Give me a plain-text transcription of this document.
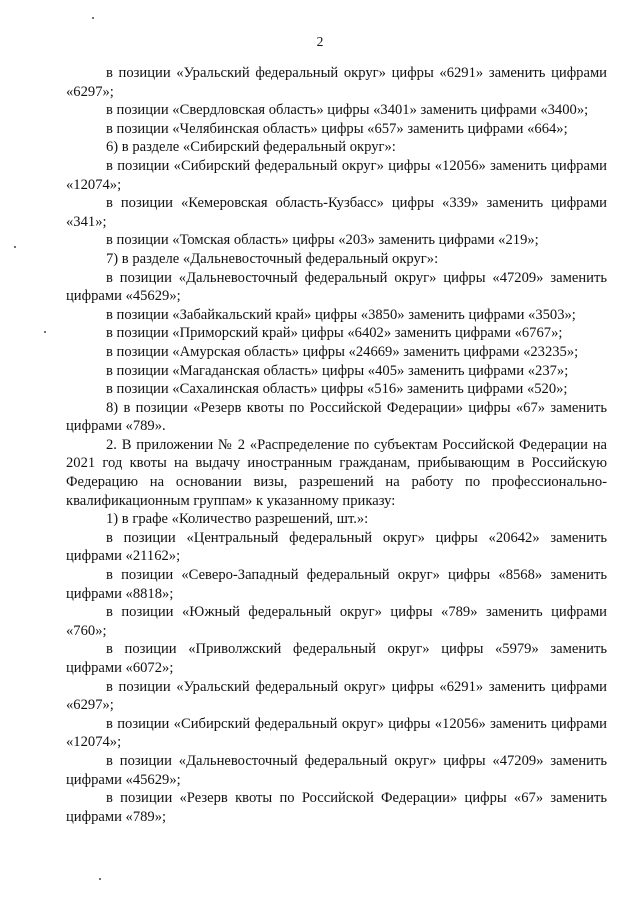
2

в позиции «Уральский федеральный округ» цифры «6291» заменить цифрами «6297»;

в позиции «Свердловская область» цифры «3401» заменить цифрами «3400»;

в позиции «Челябинская область» цифры «657» заменить цифрами «664»;

6) в разделе «Сибирский федеральный округ»:

в позиции «Сибирский федеральный округ» цифры «12056» заменить цифрами «12074»;

в позиции «Кемеровская область-Кузбасс» цифры «339» заменить цифрами «341»;

в позиции «Томская область» цифры «203» заменить цифрами «219»;

7) в разделе «Дальневосточный федеральный округ»:

в позиции «Дальневосточный федеральный округ» цифры «47209» заменить цифрами «45629»;

в позиции «Забайкальский край» цифры «3850» заменить цифрами «3503»;

в позиции «Приморский край» цифры «6402» заменить цифрами «6767»;

в позиции «Амурская область» цифры «24669» заменить цифрами «23235»;

в позиции «Магаданская область» цифры «405» заменить цифрами «237»;

в позиции «Сахалинская область» цифры «516» заменить цифрами «520»;

8) в позиции «Резерв квоты по Российской Федерации» цифры «67» заменить цифрами «789».

2. В приложении № 2 «Распределение по субъектам Российской Федерации на 2021 год квоты на выдачу иностранным гражданам, прибывающим в Российскую Федерацию на основании визы, разрешений на работу по профессионально-квалификационным группам» к указанному приказу:

1) в графе «Количество разрешений, шт.»:

в позиции «Центральный федеральный округ» цифры «20642» заменить цифрами «21162»;

в позиции «Северо-Западный федеральный округ» цифры «8568» заменить цифрами «8818»;

в позиции «Южный федеральный округ» цифры «789» заменить цифрами «760»;

в позиции «Приволжский федеральный округ» цифры «5979» заменить цифрами «6072»;

в позиции «Уральский федеральный округ» цифры «6291» заменить цифрами «6297»;

в позиции «Сибирский федеральный округ» цифры «12056» заменить цифрами «12074»;

в позиции «Дальневосточный федеральный округ» цифры «47209» заменить цифрами «45629»;

в позиции «Резерв квоты по Российской Федерации» цифры «67» заменить цифрами «789»;
